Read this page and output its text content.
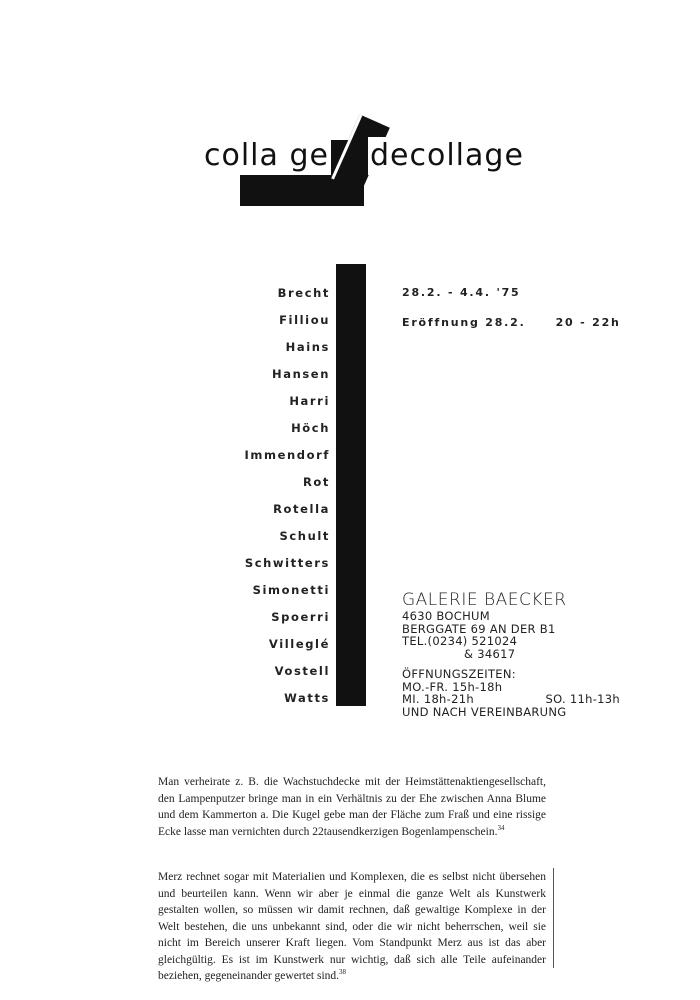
colla ge decollage
Brecht
Filliou
Hains
Hansen
Harri
Höch
Immendorf
Rot
Rotella
Schult
Schwitters
Simonetti
Spoerri
Villeglé
Vostell
Watts
28.2. - 4.4. '75
Eröffnung 28.2.	20 - 22h
GALERIE BAECKER
4630 BOCHUM
BERGGATE 69 AN DER B1
TEL.(0234) 521024
& 34617
ÖFFNUNGSZEITEN:
MO.-FR. 15h-18h
MI. 18h-21h	SO. 11h-13h
UND NACH VEREINBARUNG

Man verheirate z. B. die Wachstuchdecke mit der Heimstättenaktiengesellschaft, den Lampenputzer bringe man in ein Verhältnis zu der Ehe zwischen Anna Blume und dem Kammerton a. Die Kugel gebe man der Fläche zum Fraß und eine rissige Ecke lasse man vernichten durch 22tausendkerzigen Bogenlampenschein.$^{34}$

Merz rechnet sogar mit Materialien und Komplexen, die es selbst nicht übersehen und beurteilen kann. Wenn wir aber je einmal die ganze Welt als Kunstwerk gestalten wollen, so müssen wir damit rechnen, daß gewaltige Komplexe in der Welt bestehen, die uns unbekannt sind, oder die wir nicht beherrschen, weil sie nicht im Bereich unserer Kraft liegen. Vom Standpunkt Merz aus ist das aber gleichgültig. Es ist im Kunstwerk nur wichtig, daß sich alle Teile aufeinander beziehen, gegeneinander gewertet sind.$^{38}$
